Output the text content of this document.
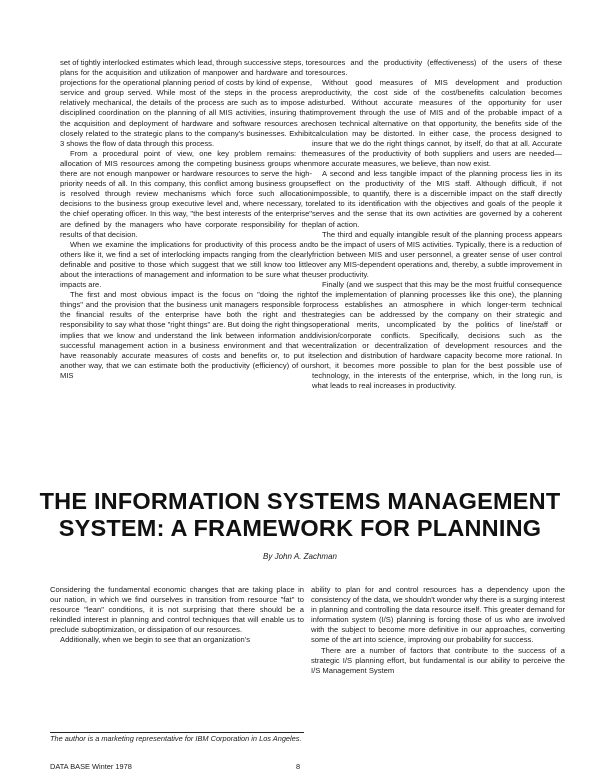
set of tightly interlocked estimates which lead, through successive steps, to plans for the acquisition and utilization of manpower and hardware and to projections for the operational planning period of costs by kind of expense, service and group served. While most of the steps in the process are relatively mechanical, the details of the process are such as to impose a disciplined coordination on the planning of all MIS activities, insuring that the acquisition and deployment of hardware and software resources are closely related to the strategic plans to the company's businesses. Exhibit 3 shows the flow of data through this process.

From a procedural point of view, one key problem remains: the allocation of MIS resources among the competing business groups when there are not enough manpower or hardware resources to serve the high-priority needs of all. In this company, this conflict among business groups is resolved through review mechanisms which force such allocation decisions to the business group executive level and, where necessary, to the chief operating officer. In this way, "the best interests of the enterprise" are defined by the managers who have corporate responsibility for the results of that decision.

When we examine the implications for productivity of this process and others like it, we find a set of interlocking impacts ranging from the clearly definable and positive to those which suggest that we still know too little about the interactions of management and information to be sure what the impacts are.

The first and most obvious impact is the focus on "doing the right things" and the provision that the business unit managers responsible for the financial results of the enterprise have both the right and the responsibility to say what those "right things" are. But doing the right things implies that we know and understand the link between information and successful management action in a business environment and that we have reasonably accurate measures of costs and benefits or, to put it another way, that we can estimate both the productivity (efficiency) of our MIS

resources and the productivity (effectiveness) of the users of these resources.

Without good measures of MIS development and production productivity, the cost side of the cost/benefits calculation becomes disturbed. Without accurate measures of the opportunity for user improvement through the use of MIS and of the probable impact of a chosen technical alternative on that opportunity, the benefits side of the calculation may be distorted. In either case, the process designed to insure that we do the right things cannot, by itself, do that at all. Accurate measures of the productivity of both suppliers and users are needed—more accurate measures, we believe, than now exist.

A second and less tangible impact of the planning process lies in its effect on the productivity of the MIS staff. Although difficult, if not impossible, to quantify, there is a discernible impact on the staff directly related to its identification with the objectives and goals of the people it serves and the sense that its own activities are governed by a coherent plan of action.

The third and equally intangible result of the planning process appears to be the impact of users of MIS activities. Typically, there is a reduction of friction between MIS and user personnel, a greater sense of user control over any MIS-dependent operations and, thereby, a subtle improvement in user productivity.

Finally (and we suspect that this may be the most fruitful consequence of the implementation of planning processes like this one), the planning process establishes an atmosphere in which longer-term technical strategies can be addressed by the company on their strategic and operational merits, uncomplicated by the politics of line/staff or division/corporate conflicts. Specifically, decisions such as the centralization or decentralization of development resources and the selection and distribution of hardware capacity become more rational. In short, it becomes more possible to plan for the best possible use of technology, in the interests of the enterprise, which, in the long run, is what leads to real increases in productivity.

THE INFORMATION SYSTEMS MANAGEMENT
SYSTEM: A FRAMEWORK FOR PLANNING
By John A. Zachman

Considering the fundamental economic changes that are taking place in our nation, in which we find ourselves in transition from resource "fat" to resource "lean" conditions, it is not surprising that there should be a rekindled interest in planning and control techniques that will enable us to preclude suboptimization, or dissipation of our resources.

Additionally, when we begin to see that an organization's

ability to plan for and control resources has a dependency upon the consistency of the data, we shouldn't wonder why there is a surging interest in planning and controlling the data resource itself. This greater demand for information system (I/S) planning is forcing those of us who are involved with the subject to become more definitive in our approaches, converting some of the art into science, improving our probability for success.

There are a number of factors that contribute to the success of a strategic I/S planning effort, but fundamental is our ability to perceive the I/S Management System

The author is a marketing representative for IBM Corporation in Los Angeles.
DATA BASE Winter 1978	8
